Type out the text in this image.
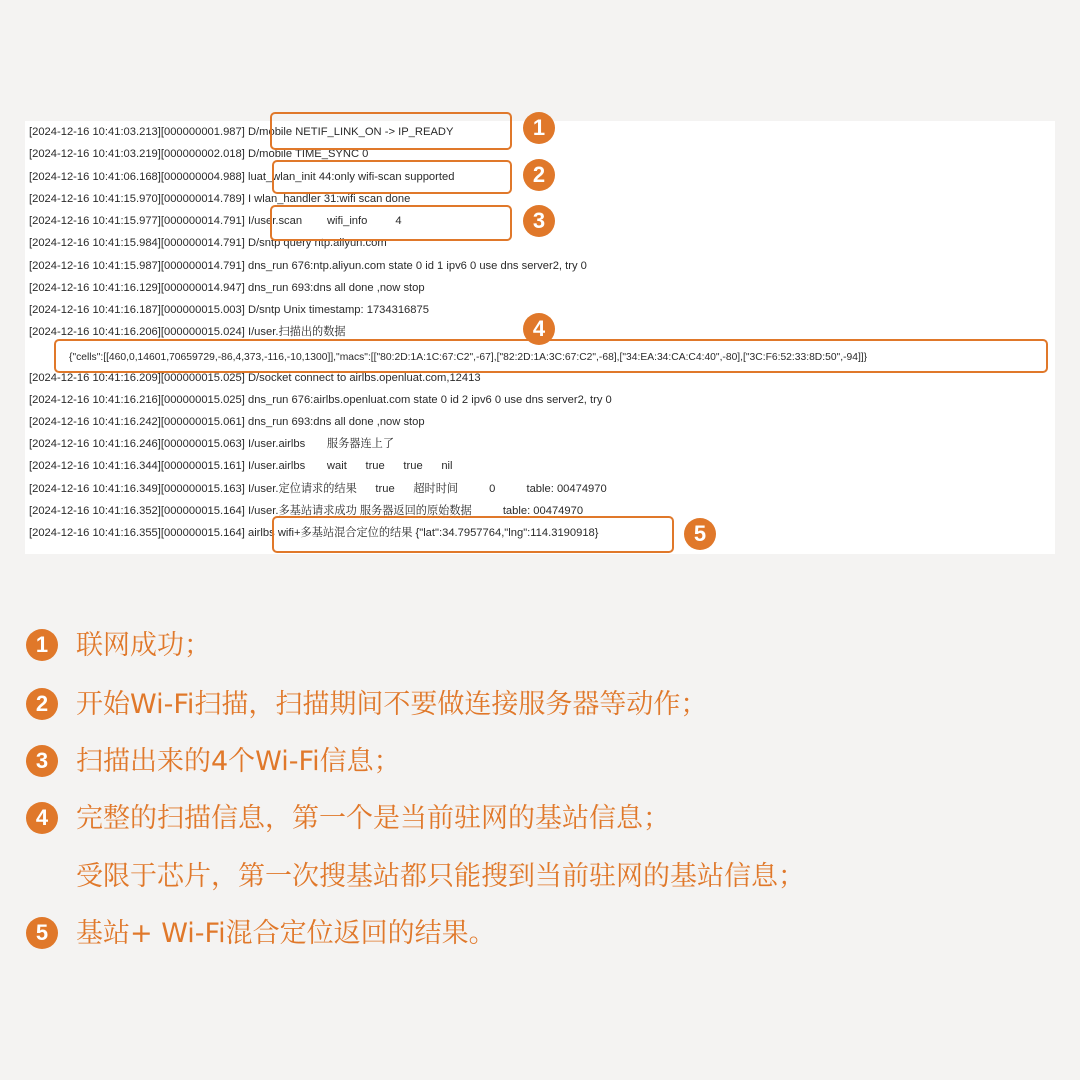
[2024-12-16 10:41:03.213][000000001.987] D/mobile NETIF_LINK_ON -> IP_READY
[2024-12-16 10:41:03.219][000000002.018] D/mobile TIME_SYNC 0
[2024-12-16 10:41:06.168][000000004.988] luat_wlan_init 44:only wifi-scan supported
[2024-12-16 10:41:15.970][000000014.789] I wlan_handler 31:wifi scan done
[2024-12-16 10:41:15.977][000000014.791] I/user.scan        wifi_info         4
[2024-12-16 10:41:15.984][000000014.791] D/sntp query ntp.aliyun.com
[2024-12-16 10:41:15.987][000000014.791] dns_run 676:ntp.aliyun.com state 0 id 1 ipv6 0 use dns server2, try 0
[2024-12-16 10:41:16.129][000000014.947] dns_run 693:dns all done ,now stop
[2024-12-16 10:41:16.187][000000015.003] D/sntp Unix timestamp: 1734316875
[2024-12-16 10:41:16.206][000000015.024] I/user.扫描出的数据
{"cells":[[460,0,14601,70659729,-86,4,373,-116,-10,1300]],"macs":[["80:2D:1A:1C:67:C2",-67],["82:2D:1A:3C:67:C2",-68],["34:EA:34:CA:C4:40",-80],["3C:F6:52:33:8D:50",-94]]}
[2024-12-16 10:41:16.209][000000015.025] D/socket connect to airlbs.openluat.com,12413
[2024-12-16 10:41:16.216][000000015.025] dns_run 676:airlbs.openluat.com state 0 id 2 ipv6 0 use dns server2, try 0
[2024-12-16 10:41:16.242][000000015.061] dns_run 693:dns all done ,now stop
[2024-12-16 10:41:16.246][000000015.063] I/user.airlbs       服务器连上了
[2024-12-16 10:41:16.344][000000015.161] I/user.airlbs       wait      true      true      nil
[2024-12-16 10:41:16.349][000000015.163] I/user.定位请求的结果      true      超时时间          0          table: 00474970
[2024-12-16 10:41:16.352][000000015.164] I/user.多基站请求成功 服务器返回的原始数据          table: 00474970
[2024-12-16 10:41:16.355][000000015.164] airlbs wifi+多基站混合定位的结果 {"lat":34.7957764,"lng":114.3190918}
1
2
3
4
5
1 联网成功；
2 开始Wi-Fi扫描，扫描期间不要做连接服务器等动作；
3 扫描出来的4个Wi-Fi信息；
4 完整的扫描信息，第一个是当前驻网的基站信息；
受限于芯片，第一次搜基站都只能搜到当前驻网的基站信息；
5 基站+ Wi-Fi混合定位返回的结果。
